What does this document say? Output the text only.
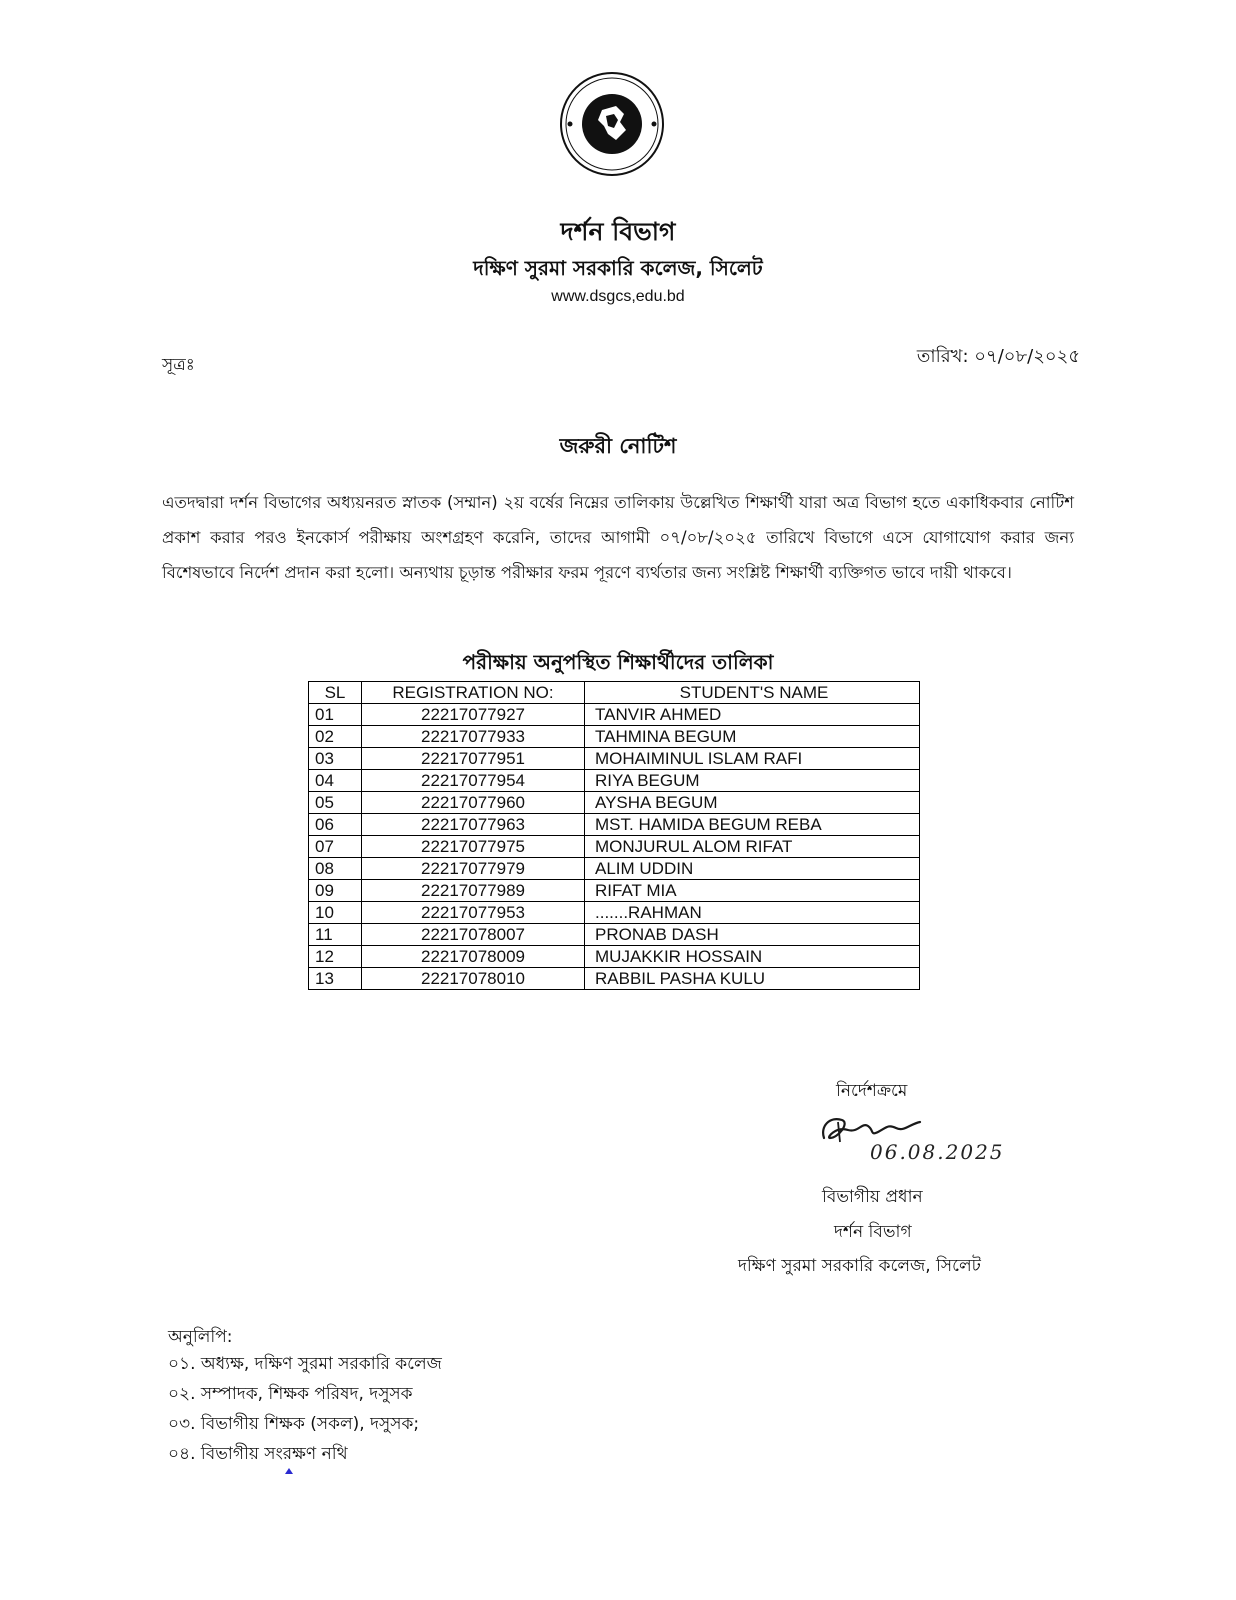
দর্শন বিভাগ
দক্ষিণ সুরমা সরকারি কলেজ, সিলেট
www.dsgcs,edu.bd
সূত্রঃ	তারিখ: ০৭/০৮/২০২৫
জরুরী নোটিশ
এতদদ্বারা দর্শন বিভাগের অধ্যয়নরত স্নাতক (সম্মান) ২য় বর্ষের নিম্নের তালিকায় উল্লেখিত শিক্ষার্থী যারা অত্র বিভাগ হতে একাধিকবার নোটিশ প্রকাশ করার পরও ইনকোর্স পরীক্ষায় অংশগ্রহণ করেনি, তাদের আগামী ০৭/০৮/২০২৫ তারিখে বিভাগে এসে যোগাযোগ করার জন্য বিশেষভাবে নির্দেশ প্রদান করা হলো। অন্যথায় চূড়ান্ত পরীক্ষার ফরম পূরণে ব্যর্থতার জন্য সংশ্লিষ্ট শিক্ষার্থী ব্যক্তিগত ভাবে দায়ী থাকবে।
পরীক্ষায় অনুপস্থিত শিক্ষার্থীদের তালিকা
SL	REGISTRATION NO:	STUDENT'S NAME
01	22217077927	TANVIR AHMED
02	22217077933	TAHMINA BEGUM
03	22217077951	MOHAIMINUL ISLAM RAFI
04	22217077954	RIYA BEGUM
05	22217077960	AYSHA BEGUM
06	22217077963	MST. HAMIDA BEGUM REBA
07	22217077975	MONJURUL ALOM RIFAT
08	22217077979	ALIM UDDIN
09	22217077989	RIFAT MIA
10	22217077953	.......RAHMAN
11	22217078007	PRONAB DASH
12	22217078009	MUJAKKIR HOSSAIN
13	22217078010	RABBIL PASHA KULU
নির্দেশক্রমে
06.08.2025
বিভাগীয় প্রধান
দর্শন বিভাগ
দক্ষিণ সুরমা সরকারি কলেজ, সিলেট
অনুলিপি:
০১. অধ্যক্ষ, দক্ষিণ সুরমা সরকারি কলেজ
০২. সম্পাদক, শিক্ষক পরিষদ, দসুসক
০৩. বিভাগীয় শিক্ষক (সকল), দসুসক;
০৪. বিভাগীয় সংরক্ষণ নথি
